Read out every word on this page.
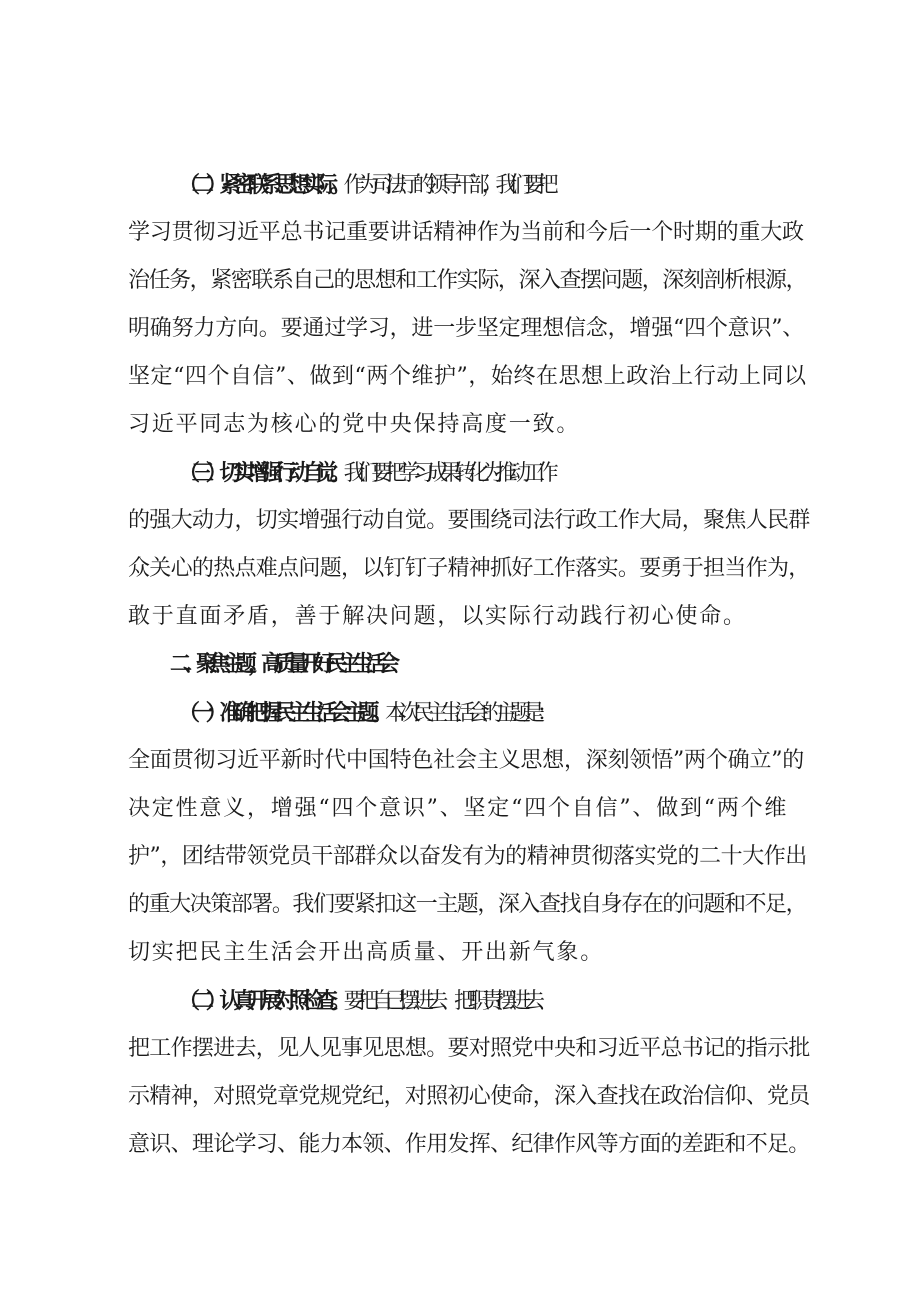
（二）紧密联系思想实际。作为司法厅的领导干部，我们要把
学习贯彻习近平总书记重要讲话精神作为当前和今后一个时期的重大政
治任务，紧密联系自己的思想和工作实际，深入查摆问题，深刻剖析根源，
明确努力方向。要通过学习，进一步坚定理想信念，增强“四个意识”、
坚定“四个自信”、做到“两个维护”，始终在思想上政治上行动上同以
习近平同志为核心的党中央保持高度一致。
（三）切实增强行动自觉。我们要把学习成果转化为推动工作
的强大动力，切实增强行动自觉。要围绕司法行政工作大局，聚焦人民群
众关心的热点难点问题，以钉钉子精神抓好工作落实。要勇于担当作为，
敢于直面矛盾，善于解决问题，以实际行动践行初心使命。
二、聚焦主题，高质量开好民主生活会
（一）准确把握民主生活会主题。本次民主生活会的主题是：
全面贯彻习近平新时代中国特色社会主义思想，深刻领悟”两个确立”的
决定性意义，增强“四个意识”、坚定“四个自信”、做到“两个维
护”，团结带领党员干部群众以奋发有为的精神贯彻落实党的二十大作出
的重大决策部署。我们要紧扣这一主题，深入查找自身存在的问题和不足，
切实把民主生活会开出高质量、开出新气象。
（二）认真开展对照检查。要把自己摆进去、把职责摆进去、
把工作摆进去，见人见事见思想。要对照党中央和习近平总书记的指示批
示精神，对照党章党规党纪，对照初心使命，深入查找在政治信仰、党员
意识、理论学习、能力本领、作用发挥、纪律作风等方面的差距和不足。
